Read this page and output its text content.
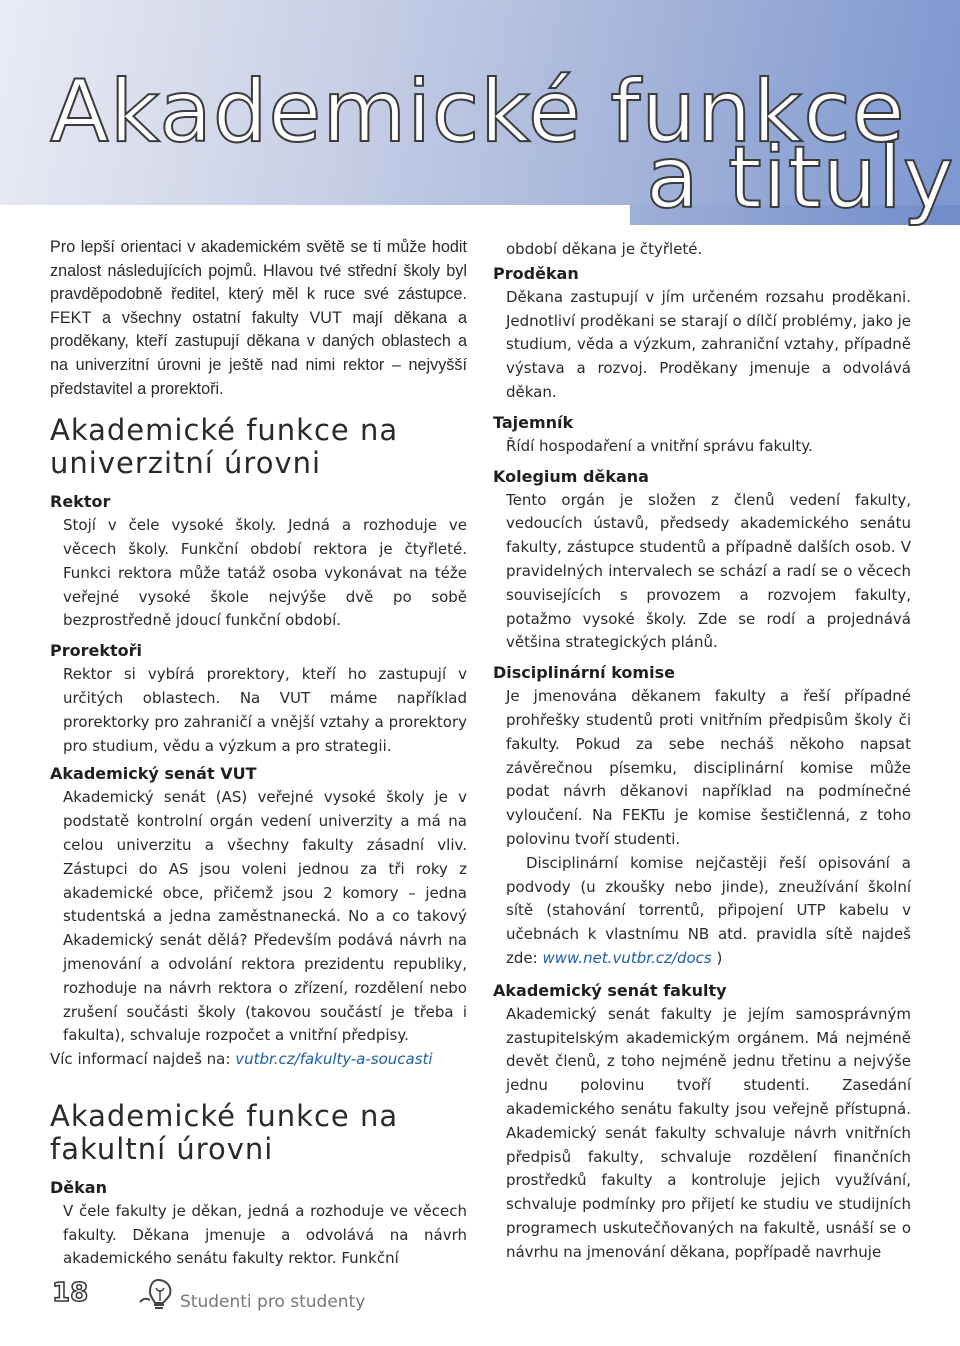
Akademické funkce
a tituly

Pro lepší orientaci v akademickém světě se ti může hodit znalost následujících pojmů. Hlavou tvé střední školy byl pravděpodobně ředitel, který měl k ruce své zástupce. FEKT a všechny ostatní fakulty VUT mají děkana a proděkany, kteří zastupují děkana v daných oblastech a na univerzitní úrovni je ještě nad nimi rektor – nejvyšší představitel a prorektoři.

Akademické funkce na univerzitní úrovni
Rektor

Stojí v čele vysoké školy. Jedná a rozhoduje ve věcech školy. Funkční období rektora je čtyřleté. Funkci rektora může tatáž osoba vykonávat na téže veřejné vysoké škole nejvýše dvě po sobě bezprostředně jdoucí funkční období.

Prorektoři

Rektor si vybírá prorektory, kteří ho zastupují v určitých oblastech. Na VUT máme například prorektorky pro zahraničí a vnější vztahy a prorektory pro studium, vědu a výzkum a pro strategii.

Akademický senát VUT

Akademický senát (AS) veřejné vysoké školy je v podstatě kontrolní orgán vedení univerzity a má na celou univerzitu a všechny fakulty zásadní vliv. Zástupci do AS jsou voleni jednou za tři roky z akademické obce, přičemž jsou 2 komory – jedna studentská a jedna zaměstnanecká. No a co takový Akademický senát dělá? Především podává návrh na jmenování a odvolání rektora prezidentu republiky, rozhoduje na návrh rektora o zřízení, rozdělení nebo zrušení součásti školy (takovou součástí je třeba i fakulta), schvaluje rozpočet a vnitřní předpisy.

Víc informací najdeš na: vutbr.cz/fakulty-a-soucasti

Akademické funkce na fakultní úrovni
Děkan

V čele fakulty je děkan, jedná a rozhoduje ve věcech fakulty. Děkana jmenuje a odvolává na návrh akademického senátu fakulty rektor. Funkční

období děkana je čtyřleté.

Proděkan

Děkana zastupují v jím určeném rozsahu proděkani. Jednotliví proděkani se starají o dílčí problémy, jako je studium, věda a výzkum, zahraniční vztahy, případně výstava a rozvoj. Proděkany jmenuje a odvolává děkan.

Tajemník

Řídí hospodaření a vnitřní správu fakulty.

Kolegium děkana

Tento orgán je složen z členů vedení fakulty, vedoucích ústavů, předsedy akademického senátu fakulty, zástupce studentů a případně dalších osob. V pravidelných intervalech se schází a radí se o věcech souvisejících s provozem a rozvojem fakulty, potažmo vysoké školy. Zde se rodí a projednává většina strategických plánů.

Disciplinární komise

Je jmenována děkanem fakulty a řeší případné prohřešky studentů proti vnitřním předpisům školy či fakulty. Pokud za sebe necháš někoho napsat závěrečnou písemku, disciplinární komise může podat návrh děkanovi například na podmínečné vyloučení. Na FEKTu je komise šestičlenná, z toho polovinu tvoří studenti.

Disciplinární komise nejčastěji řeší opisování a podvody (u zkoušky nebo jinde), zneužívání školní sítě (stahování torrentů, připojení UTP kabelu v učebnách k vlastnímu NB atd. pravidla sítě najdeš zde: www.net.vutbr.cz/docs )

Akademický senát fakulty

Akademický senát fakulty je jejím samosprávným zastupitelským akademickým orgánem. Má nejméně devět členů, z toho nejméně jednu třetinu a nejvýše jednu polovinu tvoří studenti. Zasedání akademického senátu fakulty jsou veřejně přístupná. Akademický senát fakulty schvaluje návrh vnitřních předpisů fakulty, schvaluje rozdělení finančních prostředků fakulty a kontroluje jejich využívání, schvaluje podmínky pro přijetí ke studiu ve studijních programech uskutečňovaných na fakultě, usnáší se o návrhu na jmenování děkana, popřípadě navrhuje

18	Studenti pro studenty
